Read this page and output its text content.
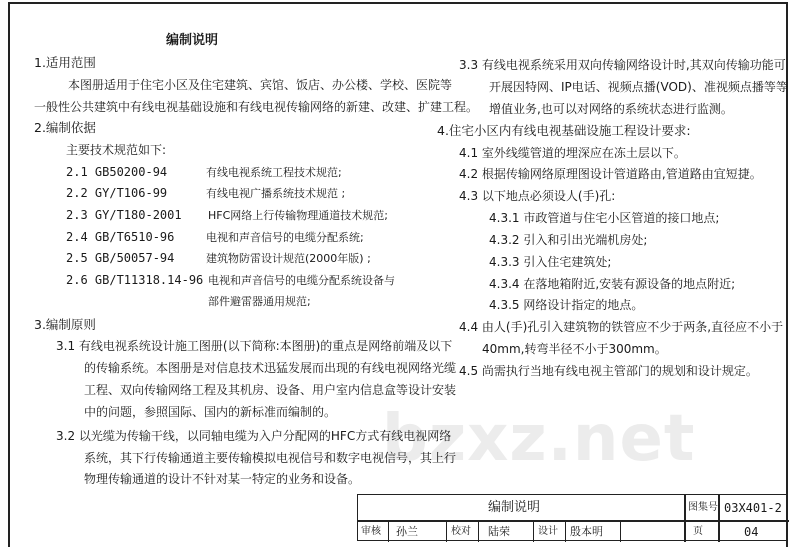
bzxz.net
编制说明
1.适用范围
本图册适用于住宅小区及住宅建筑、宾馆、饭店、办公楼、学校、医院等
一般性公共建筑中有线电视基础设施和有线电视传输网络的新建、改建、扩建工程。
2.编制依据
主要技术规范如下:
2.1 GB50200-94	有线电视系统工程技术规范;
2.2 GY/T106-99	有线电视广播系统技术规范 ;
2.3 GY/T180-2001 HFC网络上行传输物理通道技术规范;
2.4 GB/T6510-96	电视和声音信号的电缆分配系统;
2.5 GB/50057-94	建筑物防雷设计规范(2000年版) ;
2.6 GB/T11318.14-96 电视和声音信号的电缆分配系统设备与
部件避雷器通用规范;
3.编制原则
3.1 有线电视系统设计施工图册(以下简称:本图册)的重点是网络前端及以下
的传输系统。本图册是对信息技术迅猛发展而出现的有线电视网络光缆
工程、双向传输网络工程及其机房、设备、用户室内信息盒等设计安装
中的问题，参照国际、国内的新标准而编制的。
3.2 以光缆为传输干线，以同轴电缆为入户分配网的HFC方式有线电视网络
系统，其下行传输通道主要传输模拟电视信号和数字电视信号，其上行
物理传输通道的设计不针对某一特定的业务和设备。
3.3 有线电视系统采用双向传输网络设计时,其双向传输功能可
开展因特网、IP电话、视频点播(VOD)、准视频点播等等
增值业务,也可以对网络的系统状态进行监测。
4.住宅小区内有线电视基础设施工程设计要求:
4.1 室外线缆管道的埋深应在冻土层以下。
4.2 根据传输网络原理图设计管道路由,管道路由宜短捷。
4.3 以下地点必须设人(手)孔:
4.3.1 市政管道与住宅小区管道的接口地点;
4.3.2 引入和引出光端机房处;
4.3.3 引入住宅建筑处;
4.3.4 在落地箱附近,安装有源设备的地点附近;
4.3.5 网络设计指定的地点。
4.4 由人(手)孔引入建筑物的铁管应不少于两条,直径应不小于
40mm,转弯半径不小于300mm。
4.5 尚需执行当地有线电视主管部门的规划和设计规定。
编制说明	图集号 03X401-2
审核 孙兰	校对 陆荣	设计 殷本明	页	04
